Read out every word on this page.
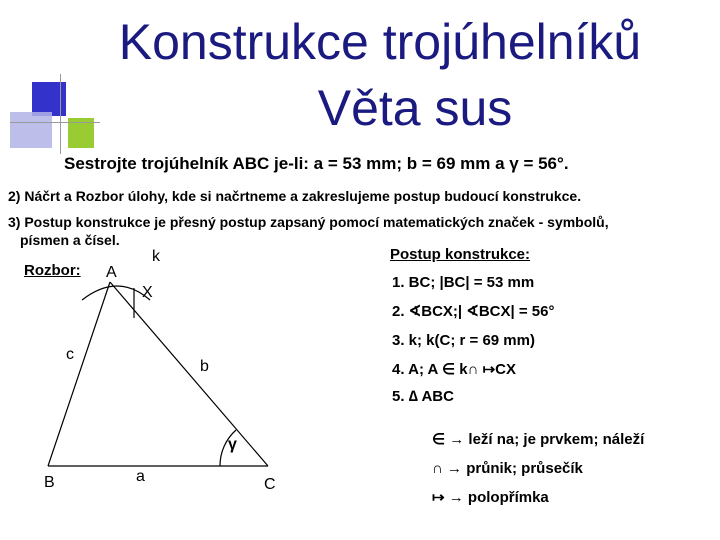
Konstrukce trojúhelníků
Věta sus
Sestrojte trojúhelník ABC je-li: a = 53 mm; b = 69 mm a γ = 56°.
2) Náčrt a Rozbor úlohy, kde si načrtneme a zakreslujeme postup budoucí konstrukce.
3) Postup konstrukce je přesný postup zapsaný pomocí matematických značek - symbolů,
písmen a čísel.
Rozbor:
k
A
X
c
b
γ
B	a	C
Postup konstrukce:
1. BC; |BC| = 53 mm
2. ∢BCX;| ∢BCX| = 56°
3. k; k(C; r = 69 mm)
4. A; A ∈ k∩ ↦CX
5. ∆ ABC
∈ → leží na; je prvkem; náleží
∩ → průnik; průsečík
↦ → polopřímka
